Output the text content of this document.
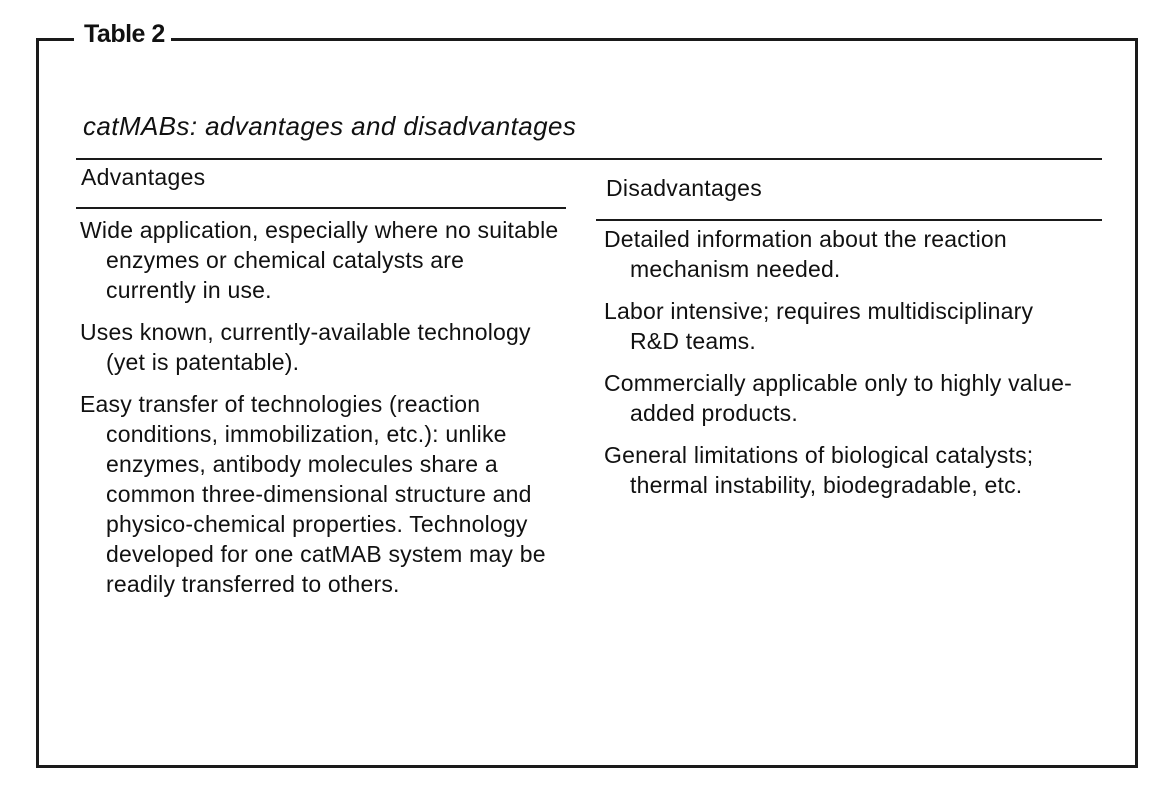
Table 2
catMABs: advantages and disadvantages
Advantages	Disadvantages
Wide application, especially where no suitable enzymes or chemical catalysts are currently in use.
Uses known, currently-available technology (yet is patentable).
Easy transfer of technologies (reaction conditions, immobilization, etc.): unlike enzymes, antibody molecules share a common three-dimensional structure and physico-chemical properties. Technology developed for one catMAB system may be readily transferred to others.
Detailed information about the reaction mechanism needed.
Labor intensive; requires multidisciplinary R&D teams.
Commercially applicable only to highly value-added products.
General limitations of biological catalysts; thermal instability, biodegradable, etc.
